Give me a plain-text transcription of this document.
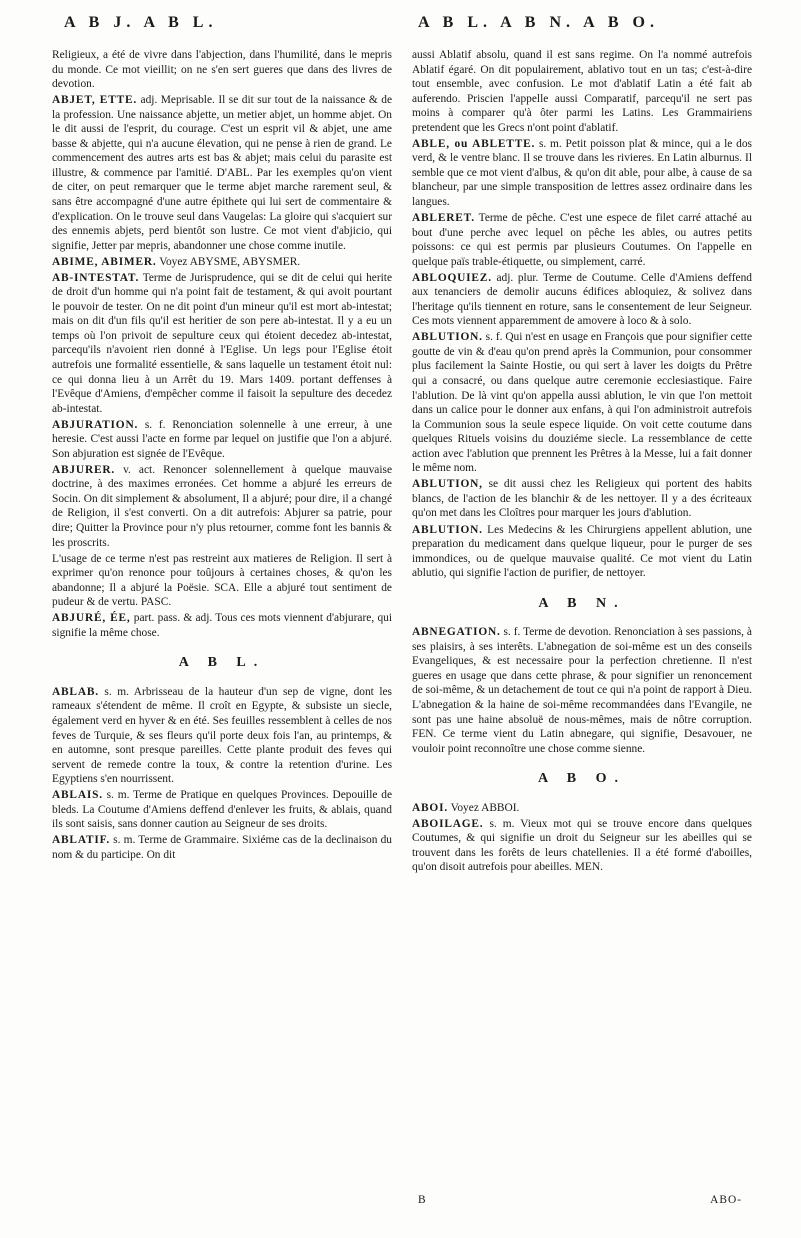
A B J. A B L.	A B L. A B N. A B O.

Religieux, a été de vivre dans l'abjection, dans l'humilité, dans le mepris du monde. Ce mot vieillit; on ne s'en sert gueres que dans des livres de devotion.

ABJET, ETTE. adj. Meprisable. Il se dit sur tout de la naissance & de la profession. Une naissance abjette, un metier abjet, un homme abjet. On le dit aussi de l'esprit, du courage. C'est un esprit vil & abjet, une ame basse & abjette, qui n'a aucune élevation, qui ne pense à rien de grand. Le commencement des autres arts est bas & abjet; mais celui du parasite est illustre, & commence par l'amitié. D'ABL. Par les exemples qu'on vient de citer, on peut remarquer que le terme abjet marche rarement seul, & sans être accompagné d'une autre épithete qui lui sert de commentaire & d'explication. On le trouve seul dans Vaugelas: La gloire qui s'acquiert sur des ennemis abjets, perd bientôt son lustre. Ce mot vient d'abjicio, qui signifie, Jetter par mepris, abandonner une chose comme inutile.

ABIME, ABIMER. Voyez ABYSME, ABYSMER.

AB-INTESTAT. Terme de Jurisprudence, qui se dit de celui qui herite de droit d'un homme qui n'a point fait de testament, & qui avoit pourtant le pouvoir de tester. On ne dit point d'un mineur qu'il est mort ab-intestat; mais on dit d'un fils qu'il est heritier de son pere ab-intestat. Il y a eu un temps où l'on privoit de sepulture ceux qui étoient decedez ab-intestat, parcequ'ils n'avoient rien donné à l'Eglise. Un legs pour l'Eglise étoit autrefois une formalité essentielle, & sans laquelle un testament étoit nul: ce qui donna lieu à un Arrêt du 19. Mars 1409. portant deffenses à l'Evêque d'Amiens, d'empêcher comme il faisoit la sepulture des decedez ab-intestat.

ABJURATION. s. f. Renonciation solennelle à une erreur, à une heresie. C'est aussi l'acte en forme par lequel on justifie que l'on a abjuré. Son abjuration est signée de l'Evêque.

ABJURER. v. act. Renoncer solennellement à quelque mauvaise doctrine, à des maximes erronées. Cet homme a abjuré les erreurs de Socin. On dit simplement & absolument, Il a abjuré; pour dire, il a changé de Religion, il s'est converti. On a dit autrefois: Abjurer sa patrie, pour dire; Quitter la Province pour n'y plus retourner, comme font les bannis & les proscrits.

L'usage de ce terme n'est pas restreint aux matieres de Religion. Il sert à exprimer qu'on renonce pour toûjours à certaines choses, & qu'on les abandonne; Il a abjuré la Poësie. SCA. Elle a abjuré tout sentiment de pudeur & de vertu. PASC.

ABJURÉ, ÉE, part. pass. & adj. Tous ces mots viennent d'abjurare, qui signifie la même chose.

A B L.

ABLAB. s. m. Arbrisseau de la hauteur d'un sep de vigne, dont les rameaux s'étendent de même. Il croît en Egypte, & subsiste un siecle, également verd en hyver & en été. Ses feuilles ressemblent à celles de nos feves de Turquie, & ses fleurs qu'il porte deux fois l'an, au printemps, & en automne, sont presque pareilles. Cette plante produit des feves qui servent de remede contre la toux, & contre la retention d'urine. Les Egyptiens s'en nourrissent.

ABLAIS. s. m. Terme de Pratique en quelques Provinces. Depouille de bleds. La Coutume d'Amiens deffend d'enlever les fruits, & ablais, quand ils sont saisis, sans donner caution au Seigneur de ses droits.

ABLATIF. s. m. Terme de Grammaire. Sixiéme cas de la declinaison du nom & du participe. On dit

aussi Ablatif absolu, quand il est sans regime. On l'a nommé autrefois Ablatif égaré. On dit populairement, ablativo tout en un tas; c'est-à-dire tout ensemble, avec confusion. Le mot d'ablatif Latin a été fait ab auferendo. Priscien l'appelle aussi Comparatif, parcequ'il ne sert pas moins à comparer qu'à ôter parmi les Latins. Les Grammairiens pretendent que les Grecs n'ont point d'ablatif.

ABLE, ou ABLETTE. s. m. Petit poisson plat & mince, qui a le dos verd, & le ventre blanc. Il se trouve dans les rivieres. En Latin alburnus. Il semble que ce mot vient d'albus, & qu'on dit able, pour albe, à cause de sa blancheur, par une simple transposition de lettres assez ordinaire dans les langues.

ABLERET. Terme de pêche. C'est une espece de filet carré attaché au bout d'une perche avec lequel on pêche les ables, ou autres petits poissons: ce qui est permis par plusieurs Coutumes. On l'appelle en quelque païs trable-étiquette, ou simplement, carré.

ABLOQUIEZ. adj. plur. Terme de Coutume. Celle d'Amiens deffend aux tenanciers de demolir aucuns édifices abloquiez, & solivez dans l'heritage qu'ils tiennent en roture, sans le consentement de leur Seigneur. Ces mots viennent apparemment de amovere à loco & à solo.

ABLUTION. s. f. Qui n'est en usage en François que pour signifier cette goutte de vin & d'eau qu'on prend après la Communion, pour consommer plus facilement la Sainte Hostie, ou qui sert à laver les doigts du Prêtre qui a consacré, ou dans quelque autre ceremonie ecclesiastique. Faire l'ablution. De là vint qu'on appella aussi ablution, le vin que l'on mettoit dans un calice pour le donner aux enfans, à qui l'on administroit autrefois la Communion sous la seule espece liquide. On voit cette coutume dans quelques Rituels voisins du douziéme siecle. La ressemblance de cette action avec l'ablution que prennent les Prêtres à la Messe, lui a fait donner le même nom.

ABLUTION, se dit aussi chez les Religieux qui portent des habits blancs, de l'action de les blanchir & de les nettoyer. Il y a des écriteaux qu'on met dans les Cloîtres pour marquer les jours d'ablution.

ABLUTION. Les Medecins & les Chirurgiens appellent ablution, une preparation du medicament dans quelque liqueur, pour le purger de ses immondices, ou de quelque mauvaise qualité. Ce mot vient du Latin ablutio, qui signifie l'action de purifier, de nettoyer.

A B N.

ABNEGATION. s. f. Terme de devotion. Renonciation à ses passions, à ses plaisirs, à ses interêts. L'abnegation de soi-même est un des conseils Evangeliques, & est necessaire pour la perfection chretienne. Il n'est gueres en usage que dans cette phrase, & pour signifier un renoncement de soi-même, & un detachement de tout ce qui n'a point de rapport à Dieu. L'abnegation & la haine de soi-même recommandées dans l'Evangile, ne sont pas une haine absoluë de nous-mêmes, mais de nôtre corruption. FEN. Ce terme vient du Latin abnegare, qui signifie, Desavouer, ne vouloir point reconnoître une chose comme sienne.

A B O.

ABOI. Voyez ABBOI.

ABOILAGE. s. m. Vieux mot qui se trouve encore dans quelques Coutumes, & qui signifie un droit du Seigneur sur les abeilles qui se trouvent dans les forêts de leurs chatellenies. Il a été formé d'aboilles, qu'on disoit autrefois pour abeilles. MEN.

B	ABO-
